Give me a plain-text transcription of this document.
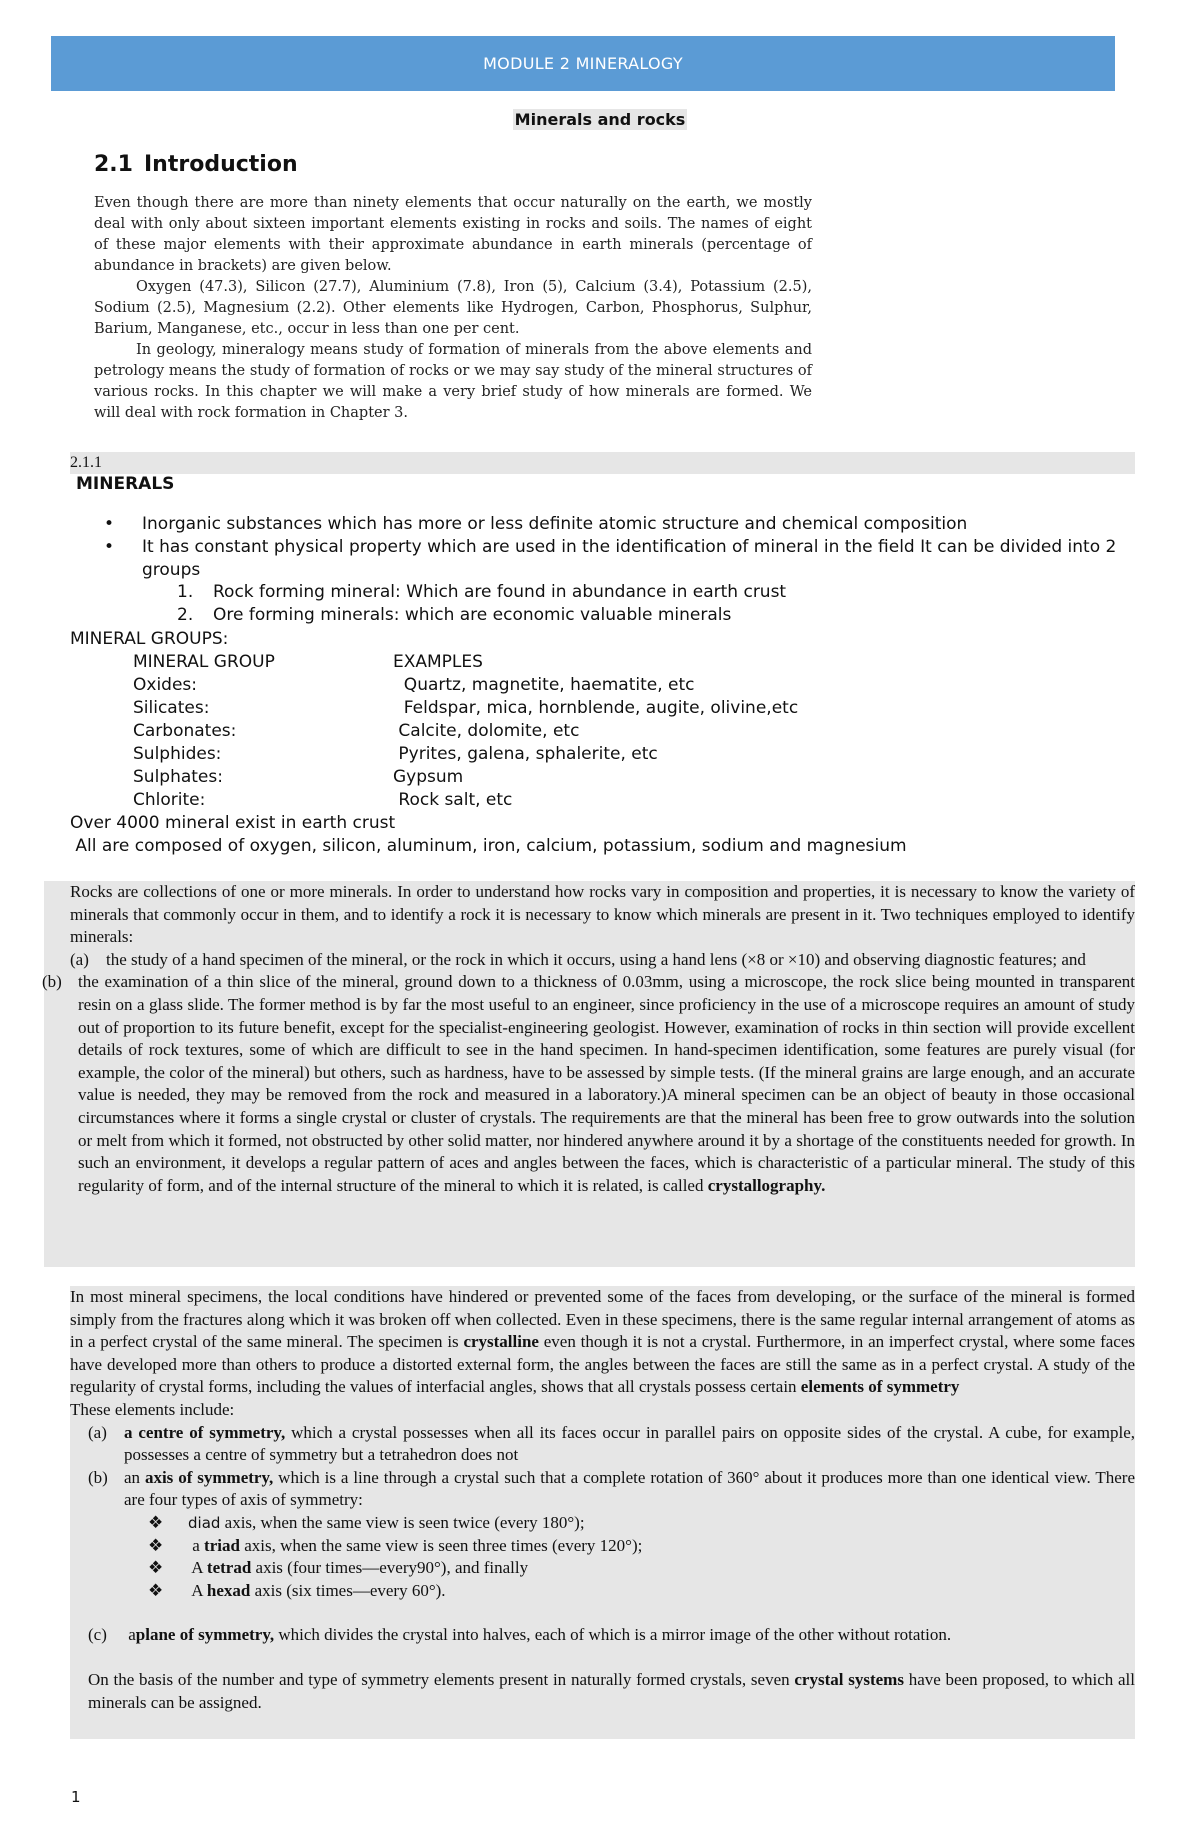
MODULE 2 MINERALOGY
Minerals and rocks
2.1 Introduction

Even though there are more than ninety elements that occur naturally on the earth, we mostly deal with only about sixteen important elements existing in rocks and soils. The names of eight of these major elements with their approximate abundance in earth minerals (percentage of abundance in brackets) are given below.

Oxygen (47.3), Silicon (27.7), Aluminium (7.8), Iron (5), Calcium (3.4), Potassium (2.5), Sodium (2.5), Magnesium (2.2). Other elements like Hydrogen, Carbon, Phosphorus, Sulphur, Barium, Manganese, etc., occur in less than one per cent.

In geology, mineralogy means study of formation of minerals from the above elements and petrology means the study of formation of rocks or we may say study of the mineral structures of various rocks. In this chapter we will make a very brief study of how minerals are formed. We will deal with rock formation in Chapter 3.

2.1.1
MINERALS
•	Inorganic substances which has more or less definite atomic structure and chemical composition
•	It has constant physical property which are used in the identification of mineral in the field It can be divided into 2 groups
1.	Rock forming mineral: Which are found in abundance in earth crust
2.	Ore forming minerals: which are economic valuable minerals
MINERAL GROUPS:
MINERAL GROUP	EXAMPLES
Oxides:	Quartz, magnetite, haematite, etc
Silicates:	Feldspar, mica, hornblende, augite, olivine,etc
Carbonates:	Calcite, dolomite, etc
Sulphides:	Pyrites, galena, sphalerite, etc
Sulphates:	Gypsum
Chlorite:	Rock salt, etc
Over 4000 mineral exist in earth crust
All are composed of oxygen, silicon, aluminum, iron, calcium, potassium, sodium and magnesium
Rocks are collections of one or more minerals. In order to understand how rocks vary in composition and properties, it is necessary to know the variety of minerals that commonly occur in them, and to identify a rock it is necessary to know which minerals are present in it. Two techniques employed to identify minerals:
(a)	the study of a hand specimen of the mineral, or the rock in which it occurs, using a hand lens (×8 or ×10) and observing diagnostic features; and
(b) the examination of a thin slice of the mineral, ground down to a thickness of 0.03mm, using a microscope, the rock slice being mounted in transparent resin on a glass slide. The former method is by far the most useful to an engineer, since proficiency in the use of a microscope requires an amount of study out of proportion to its future benefit, except for the specialist-engineering geologist. However, examination of rocks in thin section will provide excellent details of rock textures, some of which are difficult to see in the hand specimen. In hand-specimen identification, some features are purely visual (for example, the color of the mineral) but others, such as hardness, have to be assessed by simple tests. (If the mineral grains are large enough, and an accurate value is needed, they may be removed from the rock and measured in a laboratory.)A mineral specimen can be an object of beauty in those occasional circumstances where it forms a single crystal or cluster of crystals. The requirements are that the mineral has been free to grow outwards into the solution or melt from which it formed, not obstructed by other solid matter, nor hindered anywhere around it by a shortage of the constituents needed for growth. In such an environment, it develops a regular pattern of aces and angles between the faces, which is characteristic of a particular mineral. The study of this regularity of form, and of the internal structure of the mineral to which it is related, is called crystallography.
In most mineral specimens, the local conditions have hindered or prevented some of the faces from developing, or the surface of the mineral is formed simply from the fractures along which it was broken off when collected. Even in these specimens, there is the same regular internal arrangement of atoms as in a perfect crystal of the same mineral. The specimen is crystalline even though it is not a crystal. Furthermore, in an imperfect crystal, where some faces have developed more than others to produce a distorted external form, the angles between the faces are still the same as in a perfect crystal. A study of the regularity of crystal forms, including the values of interfacial angles, shows that all crystals possess certain elements of symmetry
These elements include:
(a)	a centre of symmetry, which a crystal possesses when all its faces occur in parallel pairs on opposite sides of the crystal. A cube, for example, possesses a centre of symmetry but a tetrahedron does not
(b) an axis of symmetry, which is a line through a crystal such that a complete rotation of 360° about it produces more than one identical view. There are four types of axis of symmetry:
❖ diad axis, when the same view is seen twice (every 180°);
❖ a triad axis, when the same view is seen three times (every 120°);
❖ A tetrad axis (four times—every90°), and finally
❖ A hexad axis (six times—every 60°).
(c)	aplane of symmetry, which divides the crystal into halves, each of which is a mirror image of the other without rotation.
On the basis of the number and type of symmetry elements present in naturally formed crystals, seven crystal systems have been proposed, to which all minerals can be assigned.
1
